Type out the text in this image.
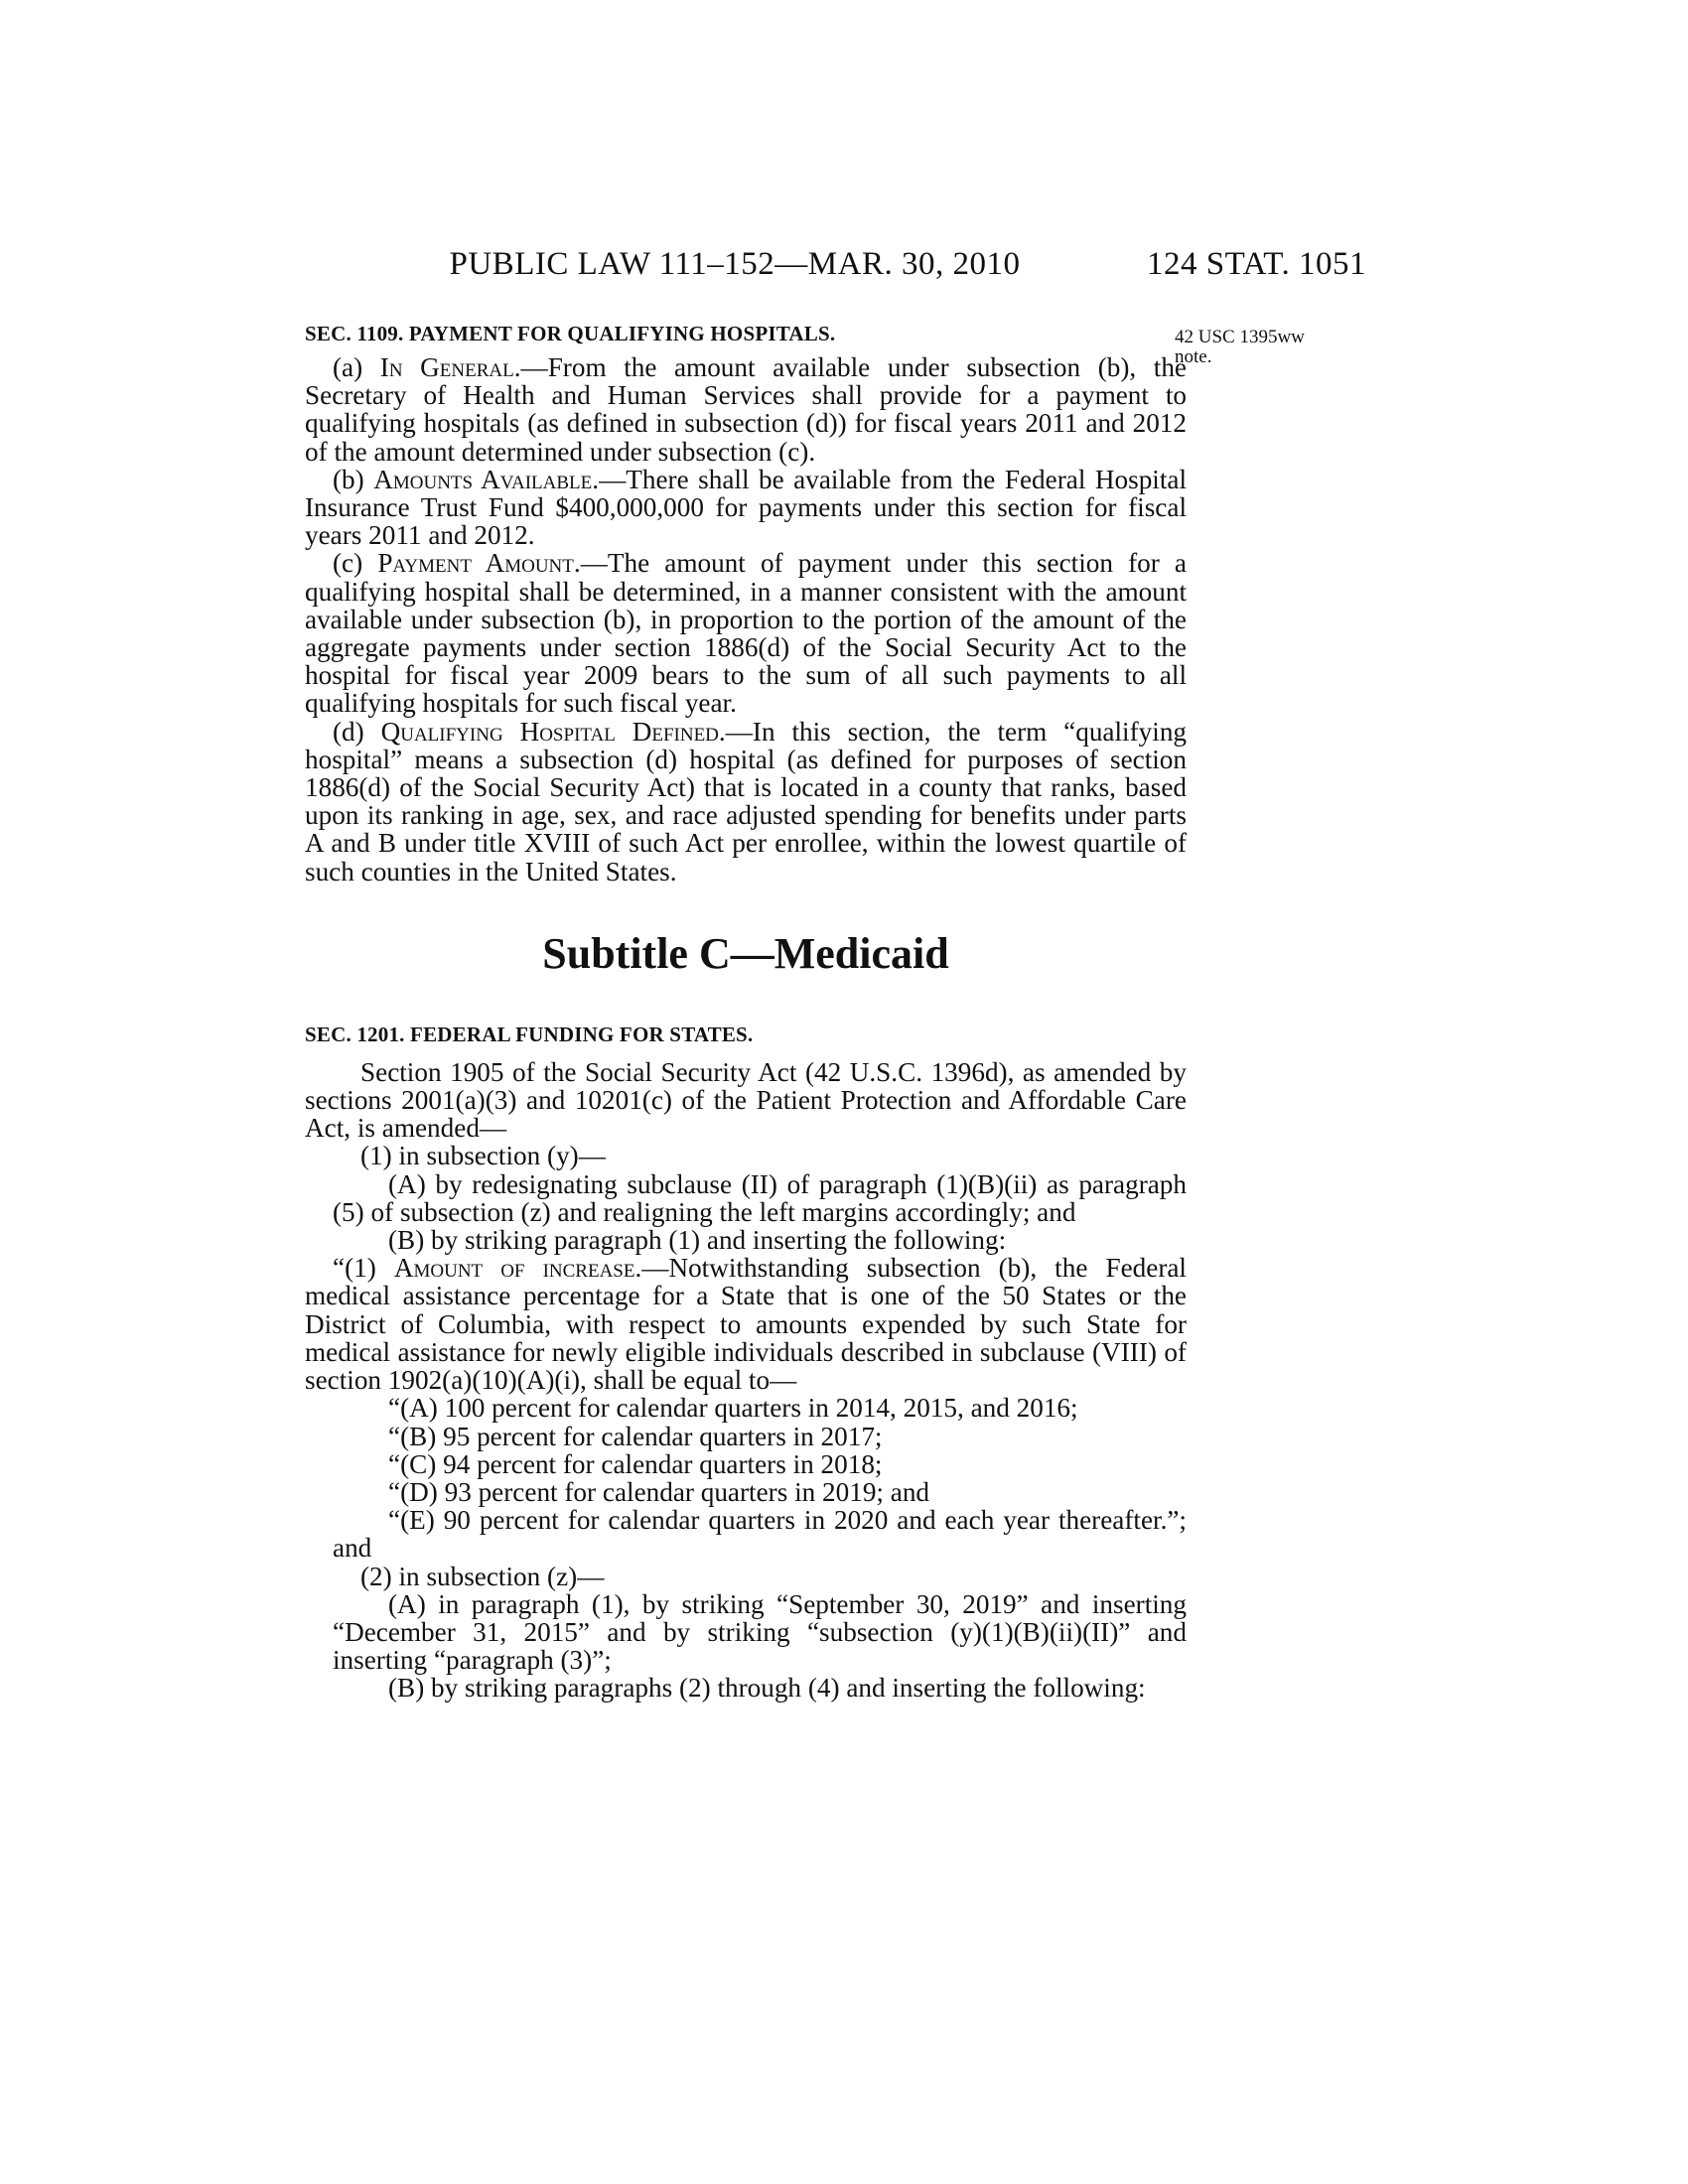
PUBLIC LAW 111–152—MAR. 30, 2010	124 STAT. 1051
42 USC 1395ww
note.
SEC. 1109. PAYMENT FOR QUALIFYING HOSPITALS.

(a) In General.—From the amount available under subsection (b), the Secretary of Health and Human Services shall provide for a payment to qualifying hospitals (as defined in subsection (d)) for fiscal years 2011 and 2012 of the amount determined under subsection (c).

(b) Amounts Available.—There shall be available from the Federal Hospital Insurance Trust Fund $400,000,000 for payments under this section for fiscal years 2011 and 2012.

(c) Payment Amount.—The amount of payment under this section for a qualifying hospital shall be determined, in a manner consistent with the amount available under subsection (b), in proportion to the portion of the amount of the aggregate payments under section 1886(d) of the Social Security Act to the hospital for fiscal year 2009 bears to the sum of all such payments to all qualifying hospitals for such fiscal year.

(d) Qualifying Hospital Defined.—In this section, the term “qualifying hospital” means a subsection (d) hospital (as defined for purposes of section 1886(d) of the Social Security Act) that is located in a county that ranks, based upon its ranking in age, sex, and race adjusted spending for benefits under parts A and B under title XVIII of such Act per enrollee, within the lowest quartile of such counties in the United States.

Subtitle C—Medicaid
SEC. 1201. FEDERAL FUNDING FOR STATES.

Section 1905 of the Social Security Act (42 U.S.C. 1396d), as amended by sections 2001(a)(3) and 10201(c) of the Patient Protection and Affordable Care Act, is amended—

(1) in subsection (y)—

(A) by redesignating subclause (II) of paragraph (1)(B)(ii) as paragraph (5) of subsection (z) and realigning the left margins accordingly; and

(B) by striking paragraph (1) and inserting the following:

“(1) Amount of increase.—Notwithstanding subsection (b), the Federal medical assistance percentage for a State that is one of the 50 States or the District of Columbia, with respect to amounts expended by such State for medical assistance for newly eligible individuals described in subclause (VIII) of section 1902(a)(10)(A)(i), shall be equal to—

“(A) 100 percent for calendar quarters in 2014, 2015, and 2016;

“(B) 95 percent for calendar quarters in 2017;

“(C) 94 percent for calendar quarters in 2018;

“(D) 93 percent for calendar quarters in 2019; and

“(E) 90 percent for calendar quarters in 2020 and each year thereafter.”; and

(2) in subsection (z)—

(A) in paragraph (1), by striking “September 30, 2019” and inserting “December 31, 2015” and by striking “subsection (y)(1)(B)(ii)(II)” and inserting “paragraph (3)”;

(B) by striking paragraphs (2) through (4) and inserting the following:
